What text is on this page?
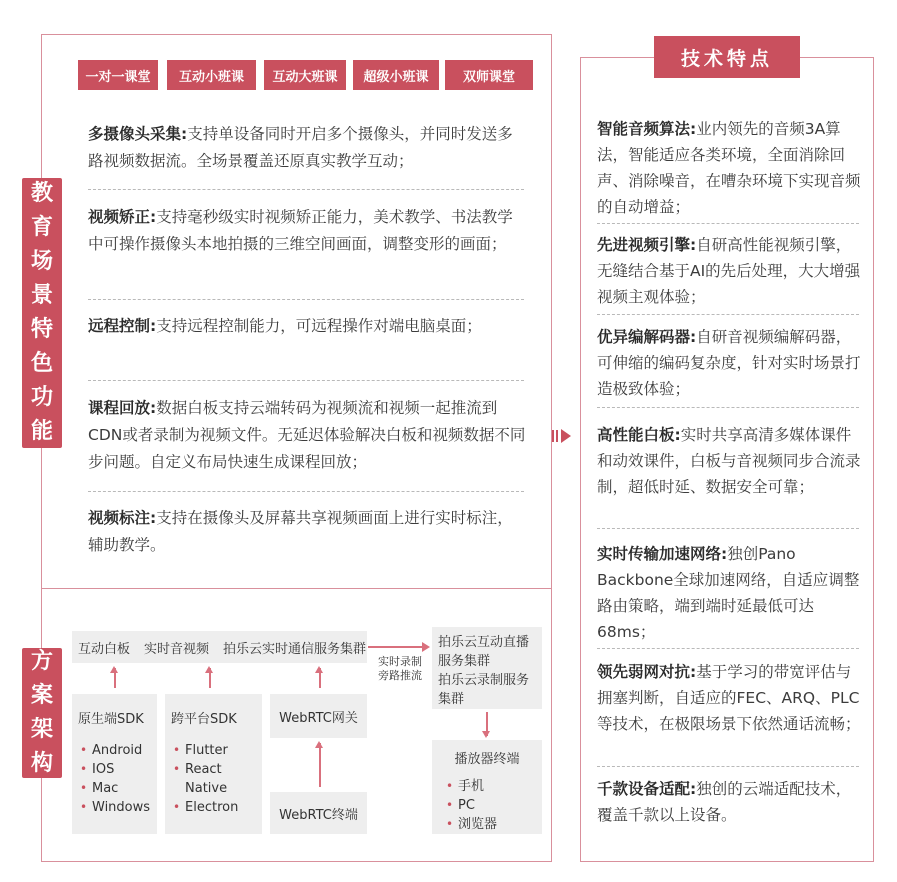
教育场景特色功能
一对一课堂	互动小班课	互动大班课	超级小班课	双师课堂
多摄像头采集:支持单设备同时开启多个摄像头，并同时发送多路视频数据流。全场景覆盖还原真实教学互动；
视频矫正:支持毫秒级实时视频矫正能力，美术教学、书法教学中可操作摄像头本地拍摄的三维空间画面，调整变形的画面；
远程控制:支持远程控制能力，可远程操作对端电脑桌面；
课程回放:数据白板支持云端转码为视频流和视频一起推流到CDN或者录制为视频文件。无延迟体验解决白板和视频数据不同步问题。自定义布局快速生成课程回放；
视频标注:支持在摄像头及屏幕共享视频画面上进行实时标注，辅助教学。
方案架构
互动白板 实时音视频 拍乐云实时通信服务集群
实时录制
旁路推流
拍乐云互动直播服务集群
拍乐云录制服务集群
原生端SDK
• Android
• IOS
• Mac
• Windows
跨平台SDK
• Flutter
• React Native
• Electron
WebRTC网关
WebRTC终端
播放器终端
• 手机
• PC
• 浏览器
技术特点
智能音频算法:业内领先的音频3A算法，智能适应各类环境，全面消除回声、消除噪音，在嘈杂环境下实现音频的自动增益；
先进视频引擎:自研高性能视频引擎，无缝结合基于AI的先后处理，大大增强视频主观体验；
优异编解码器:自研音视频编解码器，可伸缩的编码复杂度，针对实时场景打造极致体验；
高性能白板:实时共享高清多媒体课件和动效课件，白板与音视频同步合流录制，超低时延、数据安全可靠；
实时传输加速网络:独创Pano Backbone全球加速网络，自适应调整路由策略，端到端时延最低可达68ms；
领先弱网对抗:基于学习的带宽评估与拥塞判断，自适应的FEC、ARQ、PLC等技术，在极限场景下依然通话流畅；
千款设备适配:独创的云端适配技术，覆盖千款以上设备。
